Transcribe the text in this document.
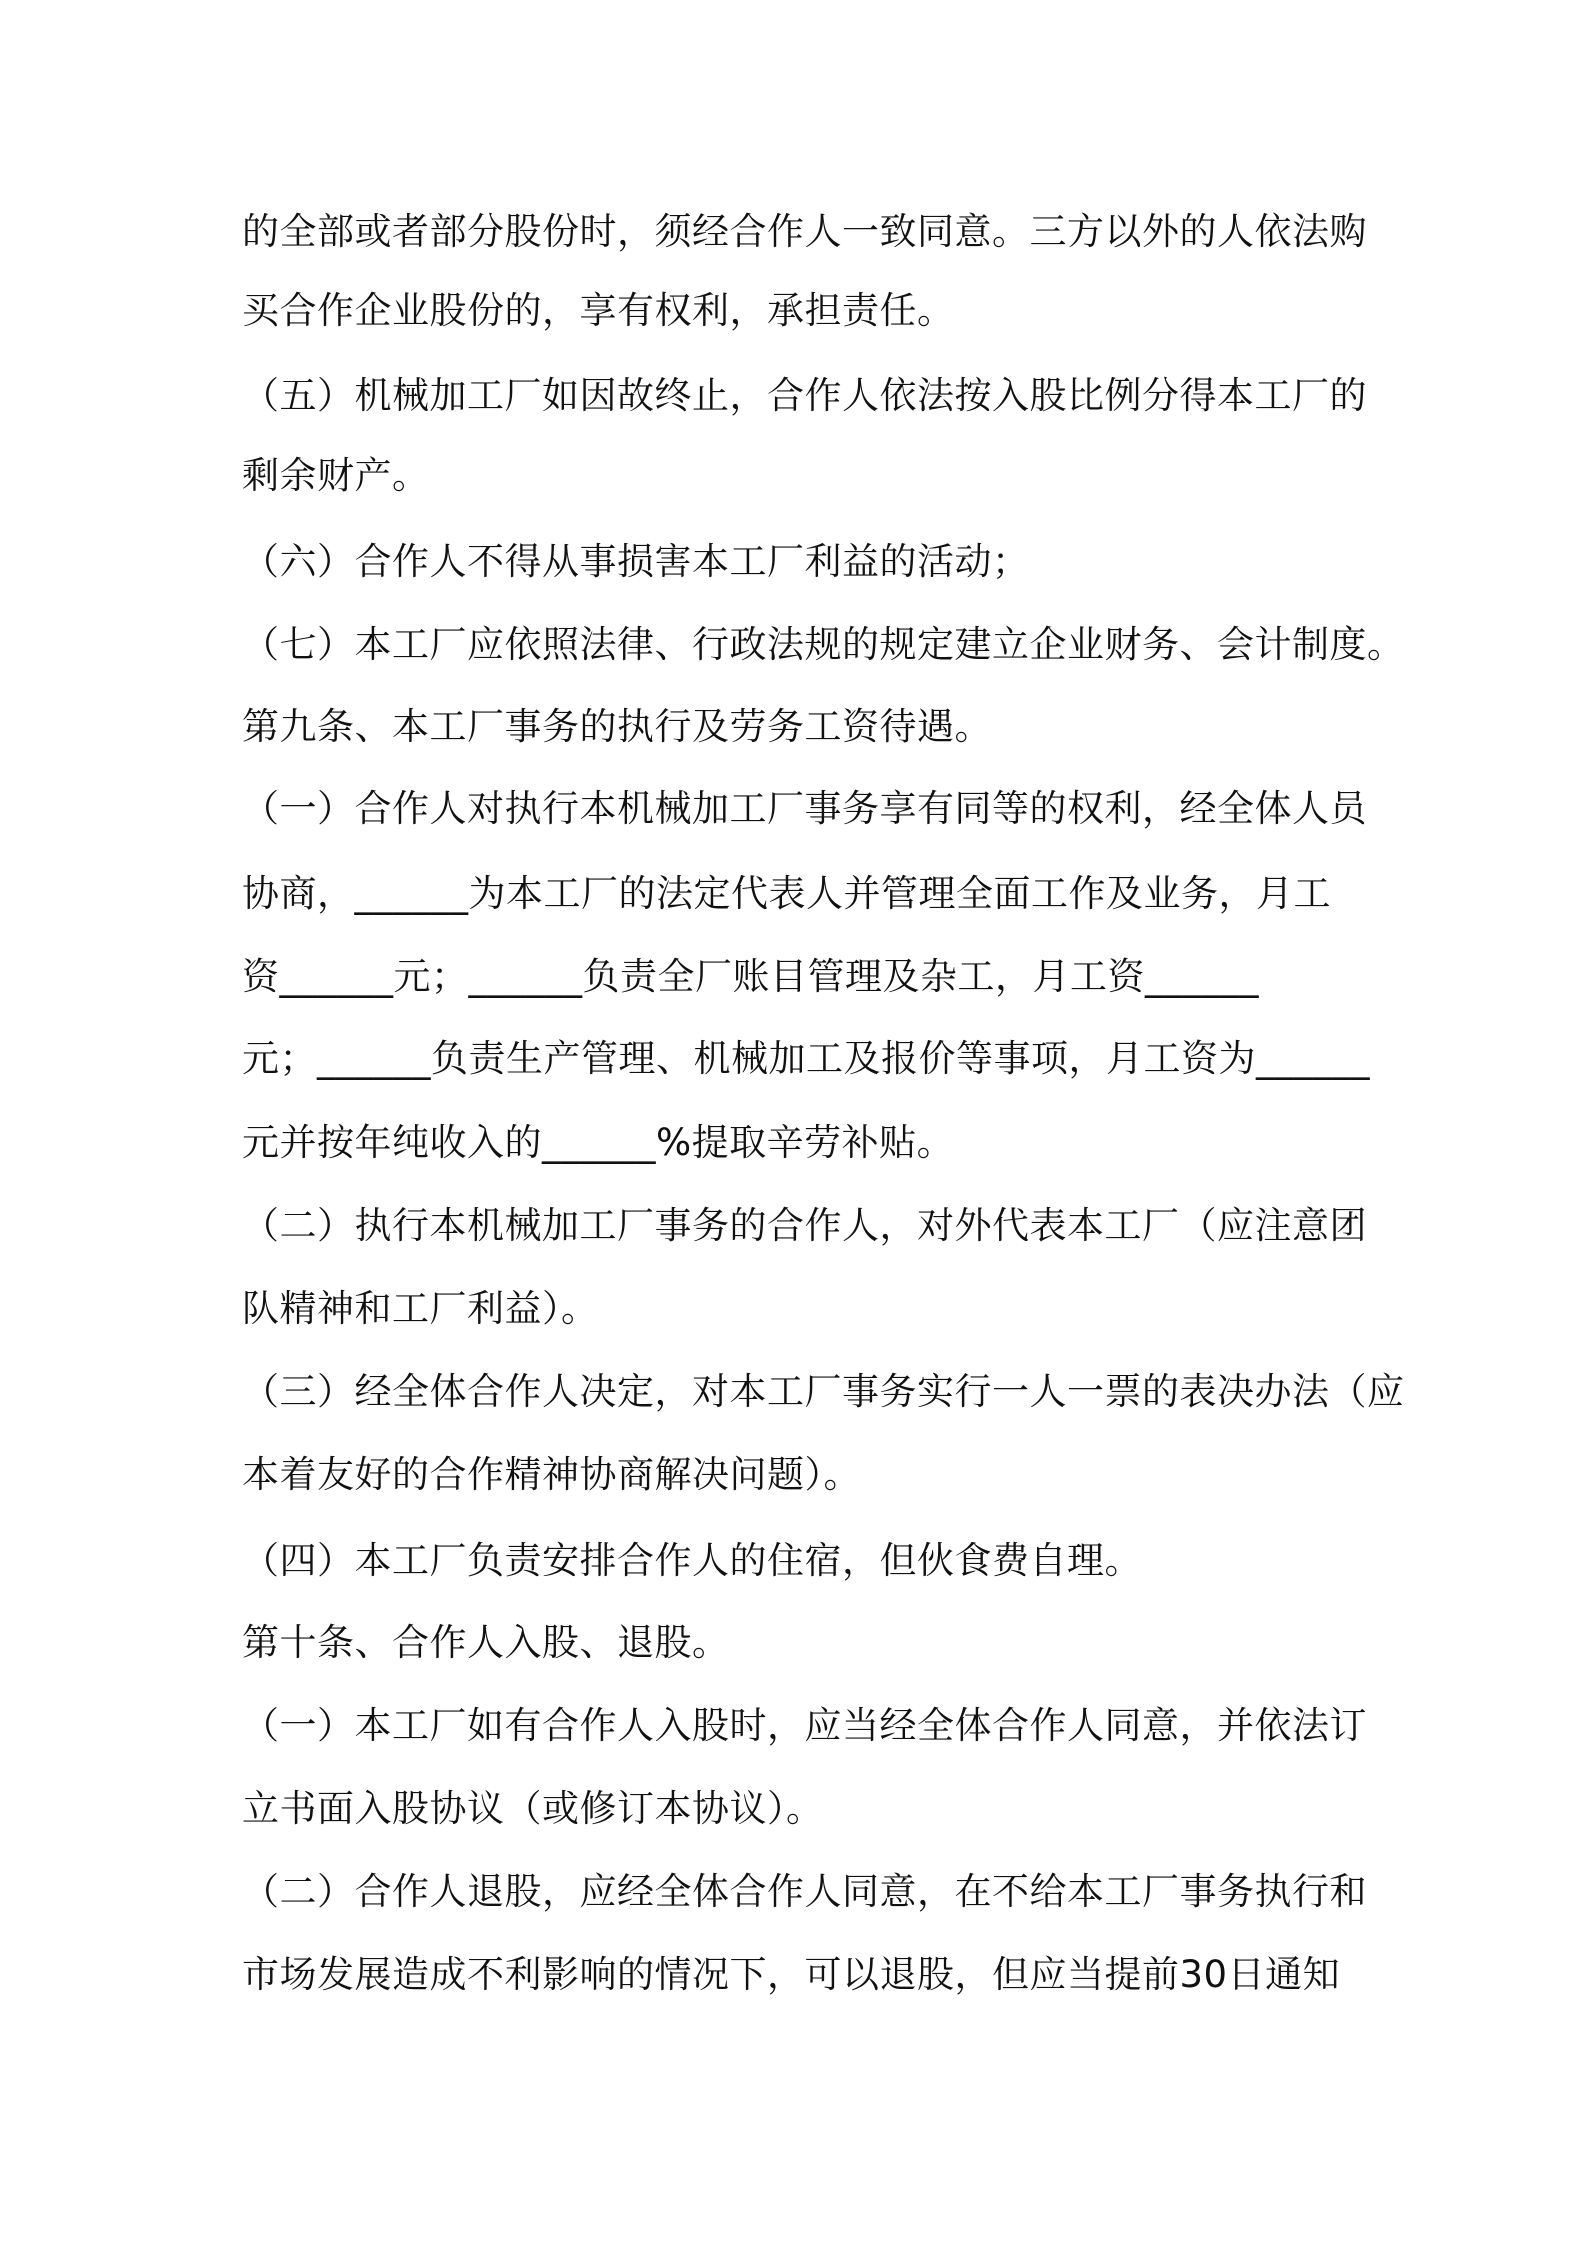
的全部或者部分股份时，须经合作人一致同意。三方以外的人依法购
买合作企业股份的，享有权利，承担责任。
（五）机械加工厂如因故终止，合作人依法按入股比例分得本工厂的
剩余财产。
（六）合作人不得从事损害本工厂利益的活动；
（七）本工厂应依照法律、行政法规的规定建立企业财务、会计制度。
第九条、本工厂事务的执行及劳务工资待遇。
（一）合作人对执行本机械加工厂事务享有同等的权利，经全体人员
协商，______为本工厂的法定代表人并管理全面工作及业务，月工
资______元；______负责全厂账目管理及杂工，月工资______
元；______负责生产管理、机械加工及报价等事项，月工资为______
元并按年纯收入的______%提取辛劳补贴。
（二）执行本机械加工厂事务的合作人，对外代表本工厂（应注意团
队精神和工厂利益）。
（三）经全体合作人决定，对本工厂事务实行一人一票的表决办法（应
本着友好的合作精神协商解决问题）。
（四）本工厂负责安排合作人的住宿，但伙食费自理。
第十条、合作人入股、退股。
（一）本工厂如有合作人入股时，应当经全体合作人同意，并依法订
立书面入股协议（或修订本协议）。
（二）合作人退股，应经全体合作人同意，在不给本工厂事务执行和
市场发展造成不利影响的情况下，可以退股，但应当提前30日通知
